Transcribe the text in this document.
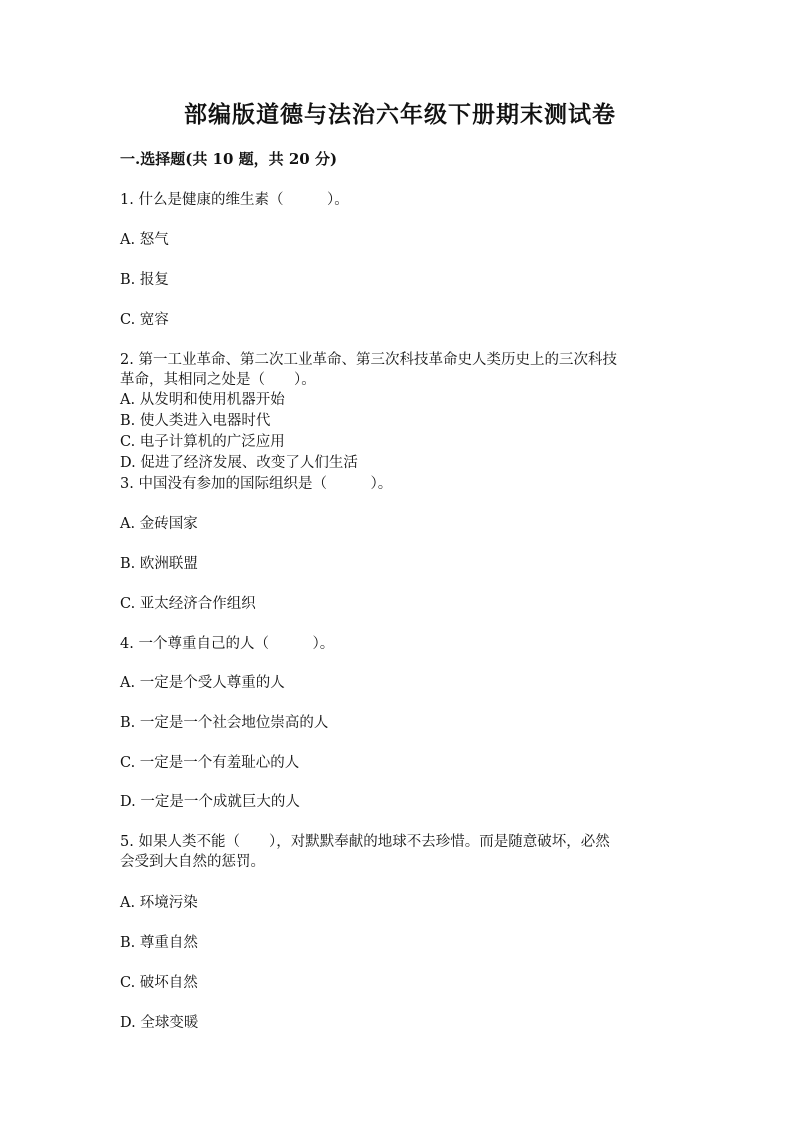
部编版道德与法治六年级下册期末测试卷
一.选择题(共 10 题，共 20 分)
1. 什么是健康的维生素（　　　）。
A. 怒气
B. 报复
C. 宽容
2. 第一工业革命、第二次工业革命、第三次科技革命史人类历史上的三次科技
革命，其相同之处是（　　）。
A. 从发明和使用机器开始
B. 使人类进入电器时代
C. 电子计算机的广泛应用
D. 促进了经济发展、改变了人们生活
3. 中国没有参加的国际组织是（　　　）。
A. 金砖国家
B. 欧洲联盟
C. 亚太经济合作组织
4. 一个尊重自己的人（　　　）。
A. 一定是个受人尊重的人
B. 一定是一个社会地位崇高的人
C. 一定是一个有羞耻心的人
D. 一定是一个成就巨大的人
5. 如果人类不能（　　），对默默奉献的地球不去珍惜。而是随意破坏，必然
会受到大自然的惩罚。
A. 环境污染
B. 尊重自然
C. 破坏自然
D. 全球变暖
